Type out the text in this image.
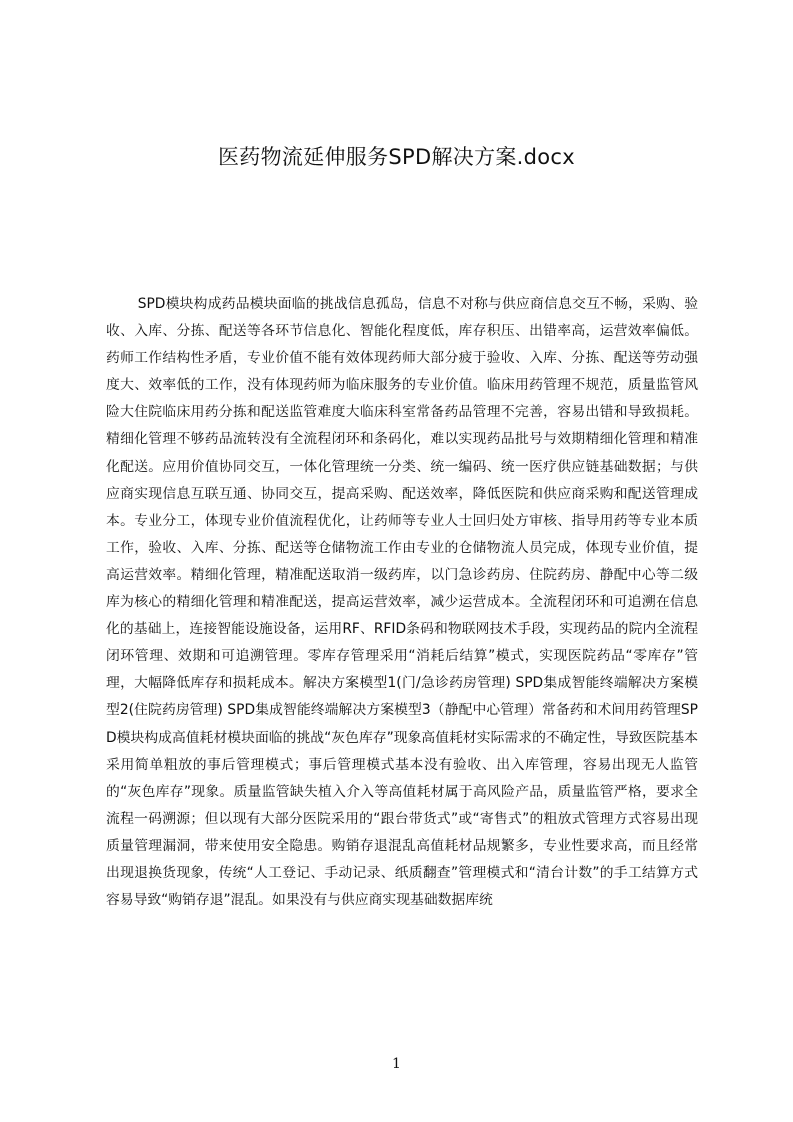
医药物流延伸服务SPD解决方案.docx

SPD模块构成药品模块面临的挑战信息孤岛，信息不对称与供应商信息交互不畅，采购、验收、入库、分拣、配送等各环节信息化、智能化程度低，库存积压、出错率高，运营效率偏低。药师工作结构性矛盾，专业价值不能有效体现药师大部分疲于验收、入库、分拣、配送等劳动强度大、效率低的工作，没有体现药师为临床服务的专业价值。临床用药管理不规范，质量监管风险大住院临床用药分拣和配送监管难度大临床科室常备药品管理不完善，容易出错和导致损耗。精细化管理不够药品流转没有全流程闭环和条码化，难以实现药品批号与效期精细化管理和精准化配送。应用价值协同交互，一体化管理统一分类、统一编码、统一医疗供应链基础数据；与供应商实现信息互联互通、协同交互，提高采购、配送效率，降低医院和供应商采购和配送管理成本。专业分工，体现专业价值流程优化，让药师等专业人士回归处方审核、指导用药等专业本质工作，验收、入库、分拣、配送等仓储物流工作由专业的仓储物流人员完成，体现专业价值，提高运营效率。精细化管理，精准配送取消一级药库，以门急诊药房、住院药房、静配中心等二级库为核心的精细化管理和精准配送，提高运营效率，减少运营成本。全流程闭环和可追溯在信息化的基础上，连接智能设施设备，运用RF、RFID条码和物联网技术手段，实现药品的院内全流程闭环管理、效期和可追溯管理。零库存管理采用“消耗后结算”模式，实现医院药品“零库存”管理，大幅降低库存和损耗成本。解决方案模型1(门/急诊药房管理) SPD集成智能终端解决方案模型2(住院药房管理) SPD集成智能终端解决方案模型3（静配中心管理）常备药和术间用药管理SPD模块构成高值耗材模块面临的挑战“灰色库存”现象高值耗材实际需求的不确定性，导致医院基本采用简单粗放的事后管理模式；事后管理模式基本没有验收、出入库管理，容易出现无人监管的“灰色库存”现象。质量监管缺失植入介入等高值耗材属于高风险产品，质量监管严格，要求全流程一码溯源；但以现有大部分医院采用的“跟台带货式”或“寄售式”的粗放式管理方式容易出现质量管理漏洞，带来使用安全隐患。购销存退混乱高值耗材品规繁多，专业性要求高，而且经常出现退换货现象，传统“人工登记、手动记录、纸质翻查”管理模式和“清台计数”的手工结算方式容易导致“购销存退”混乱。如果没有与供应商实现基础数据库统

1
